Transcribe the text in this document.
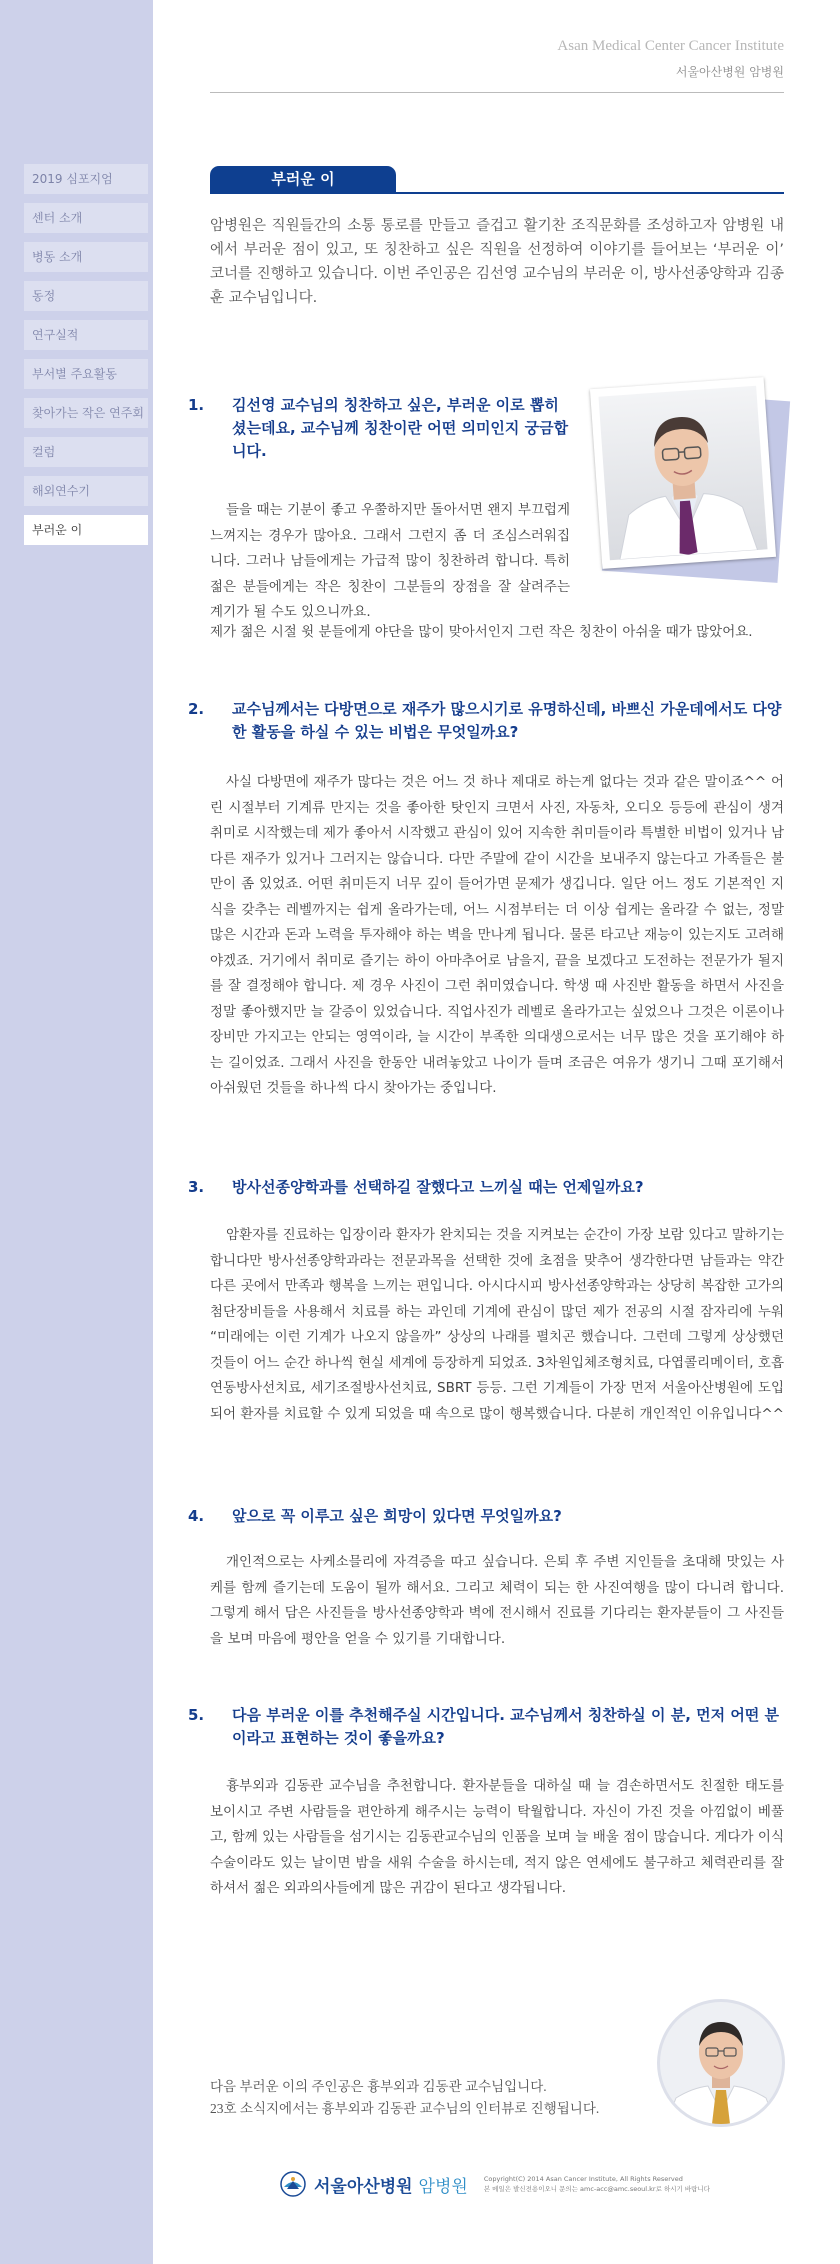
2019 심포지엄
센터 소개
병동 소개
동정
연구실적
부서별 주요활동
찾아가는 작은 연주회
컬럼
해외연수기
부러운 이
Asan Medical Center Cancer Institute
서울아산병원 암병원
부러운 이

암병원은 직원들간의 소통 통로를 만들고 즐겁고 활기찬 조직문화를 조성하고자 암병원 내에서 부러운 점이 있고, 또 칭찬하고 싶은 직원을 선정하여 이야기를 들어보는 ‘부러운 이’ 코너를 진행하고 있습니다. 이번 주인공은 김선영 교수님의 부러운 이, 방사선종양학과 김종훈 교수님입니다.

1. 김선영 교수님의 칭찬하고 싶은, 부러운 이로 뽑히셨는데요, 교수님께 칭찬이란 어떤 의미인지 궁금합니다.

들을 때는 기분이 좋고 우쭐하지만 돌아서면 왠지 부끄럽게 느껴지는 경우가 많아요. 그래서 그런지 좀 더 조심스러워집니다. 그러나 남들에게는 가급적 많이 칭찬하려 합니다. 특히 젊은 분들에게는 작은 칭찬이 그분들의 장점을 잘 살려주는 계기가 될 수도 있으니까요.

제가 젊은 시절 윗 분들에게 야단을 많이 맞아서인지 그런 작은 칭찬이 아쉬울 때가 많았어요.

2. 교수님께서는 다방면으로 재주가 많으시기로 유명하신데, 바쁘신 가운데에서도 다양한 활동을 하실 수 있는 비법은 무엇일까요?

사실 다방면에 재주가 많다는 것은 어느 것 하나 제대로 하는게 없다는 것과 같은 말이죠^^ 어린 시절부터 기계류 만지는 것을 좋아한 탓인지 크면서 사진, 자동차, 오디오 등등에 관심이 생겨 취미로 시작했는데 제가 좋아서 시작했고 관심이 있어 지속한 취미들이라 특별한 비법이 있거나 남다른 재주가 있거나 그러지는 않습니다. 다만 주말에 같이 시간을 보내주지 않는다고 가족들은 불만이 좀 있었죠. 어떤 취미든지 너무 깊이 들어가면 문제가 생깁니다. 일단 어느 정도 기본적인 지식을 갖추는 레벨까지는 쉽게 올라가는데, 어느 시점부터는 더 이상 쉽게는 올라갈 수 없는, 정말 많은 시간과 돈과 노력을 투자해야 하는 벽을 만나게 됩니다. 물론 타고난 재능이 있는지도 고려해야겠죠. 거기에서 취미로 즐기는 하이 아마추어로 남을지, 끝을 보겠다고 도전하는 전문가가 될지를 잘 결정해야 합니다. 제 경우 사진이 그런 취미였습니다. 학생 때 사진반 활동을 하면서 사진을 정말 좋아했지만 늘 갈증이 있었습니다. 직업사진가 레벨로 올라가고는 싶었으나 그것은 이론이나 장비만 가지고는 안되는 영역이라, 늘 시간이 부족한 의대생으로서는 너무 많은 것을 포기해야 하는 길이었죠. 그래서 사진을 한동안 내려놓았고 나이가 들며 조금은 여유가 생기니 그때 포기해서 아쉬웠던 것들을 하나씩 다시 찾아가는 중입니다.

3. 방사선종양학과를 선택하길 잘했다고 느끼실 때는 언제일까요?

암환자를 진료하는 입장이라 환자가 완치되는 것을 지켜보는 순간이 가장 보람 있다고 말하기는 합니다만 방사선종양학과라는 전문과목을 선택한 것에 초점을 맞추어 생각한다면 남들과는 약간 다른 곳에서 만족과 행복을 느끼는 편입니다. 아시다시피 방사선종양학과는 상당히 복잡한 고가의 첨단장비들을 사용해서 치료를 하는 과인데 기계에 관심이 많던 제가 전공의 시절 잠자리에 누워 “미래에는 이런 기계가 나오지 않을까” 상상의 나래를 펼치곤 했습니다. 그런데 그렇게 상상했던 것들이 어느 순간 하나씩 현실 세계에 등장하게 되었죠. 3차원입체조형치료, 다엽콜리메이터, 호흡연동방사선치료, 세기조절방사선치료, SBRT 등등. 그런 기계들이 가장 먼저 서울아산병원에 도입되어 환자를 치료할 수 있게 되었을 때 속으로 많이 행복했습니다. 다분히 개인적인 이유입니다^^

4. 앞으로 꼭 이루고 싶은 희망이 있다면 무엇일까요?

개인적으로는 사케소믈리에 자격증을 따고 싶습니다. 은퇴 후 주변 지인들을 초대해 맛있는 사케를 함께 즐기는데 도움이 될까 해서요. 그리고 체력이 되는 한 사진여행을 많이 다니려 합니다. 그렇게 해서 담은 사진들을 방사선종양학과 벽에 전시해서 진료를 기다리는 환자분들이 그 사진들을 보며 마음에 평안을 얻을 수 있기를 기대합니다.

5. 다음 부러운 이를 추천해주실 시간입니다. 교수님께서 칭찬하실 이 분, 먼저 어떤 분이라고 표현하는 것이 좋을까요?

흉부외과 김동관 교수님을 추천합니다. 환자분들을 대하실 때 늘 겸손하면서도 친절한 태도를 보이시고 주변 사람들을 편안하게 해주시는 능력이 탁월합니다. 자신이 가진 것을 아낌없이 베풀고, 함께 있는 사람들을 섬기시는 김동관교수님의 인품을 보며 늘 배울 점이 많습니다. 게다가 이식수술이라도 있는 날이면 밤을 새워 수술을 하시는데, 적지 않은 연세에도 불구하고 체력관리를 잘 하셔서 젊은 외과의사들에게 많은 귀감이 된다고 생각됩니다.

다음 부러운 이의 주인공은 흉부외과 김동관 교수님입니다.
23호 소식지에서는 흉부외과 김동관 교수님의 인터뷰로 진행됩니다.
서울아산병원 암병원 Copyright(C) 2014 Asan Cancer Institute, All Rights Reserved
본 메일은 발신전용이오니 문의는 amc-acc@amc.seoul.kr로 하시기 바랍니다
